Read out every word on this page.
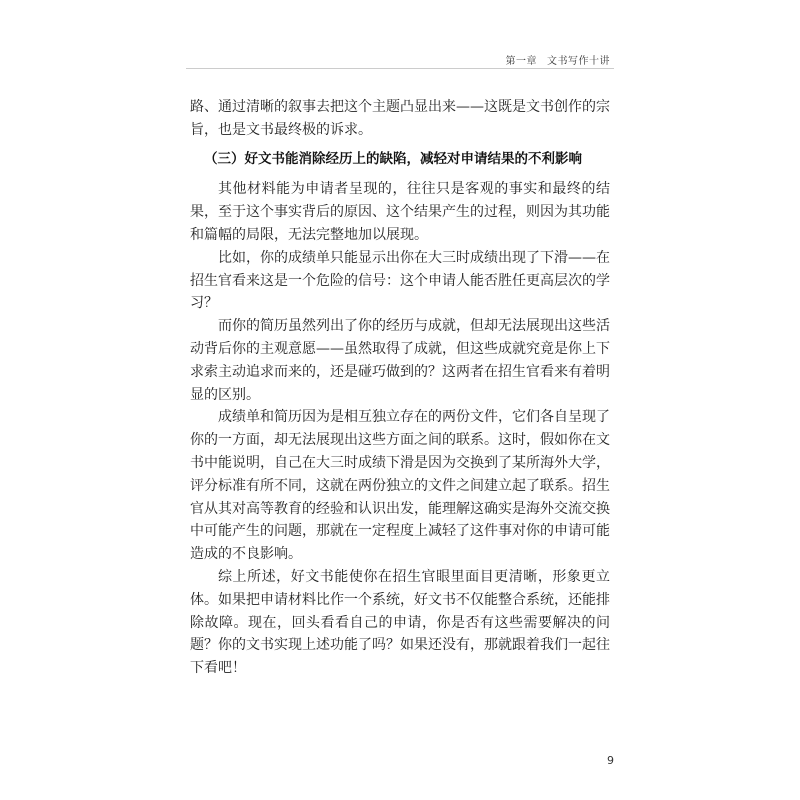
第一章 文书写作十讲

路、通过清晰的叙事去把这个主题凸显出来——这既是文书创作的宗旨，也是文书最终极的诉求。

（三）好文书能消除经历上的缺陷，减轻对申请结果的不利影响

其他材料能为申请者呈现的，往往只是客观的事实和最终的结果，至于这个事实背后的原因、这个结果产生的过程，则因为其功能和篇幅的局限，无法完整地加以展现。

比如，你的成绩单只能显示出你在大三时成绩出现了下滑——在招生官看来这是一个危险的信号：这个申请人能否胜任更高层次的学习？

而你的简历虽然列出了你的经历与成就，但却无法展现出这些活动背后你的主观意愿——虽然取得了成就，但这些成就究竟是你上下求索主动追求而来的，还是碰巧做到的？这两者在招生官看来有着明显的区别。

成绩单和简历因为是相互独立存在的两份文件，它们各自呈现了你的一方面，却无法展现出这些方面之间的联系。这时，假如你在文书中能说明，自己在大三时成绩下滑是因为交换到了某所海外大学，评分标准有所不同，这就在两份独立的文件之间建立起了联系。招生官从其对高等教育的经验和认识出发，能理解这确实是海外交流交换中可能产生的问题，那就在一定程度上减轻了这件事对你的申请可能造成的不良影响。

综上所述，好文书能使你在招生官眼里面目更清晰，形象更立体。如果把申请材料比作一个系统，好文书不仅能整合系统，还能排除故障。现在，回头看看自己的申请，你是否有这些需要解决的问题？你的文书实现上述功能了吗？如果还没有，那就跟着我们一起往下看吧！

9
